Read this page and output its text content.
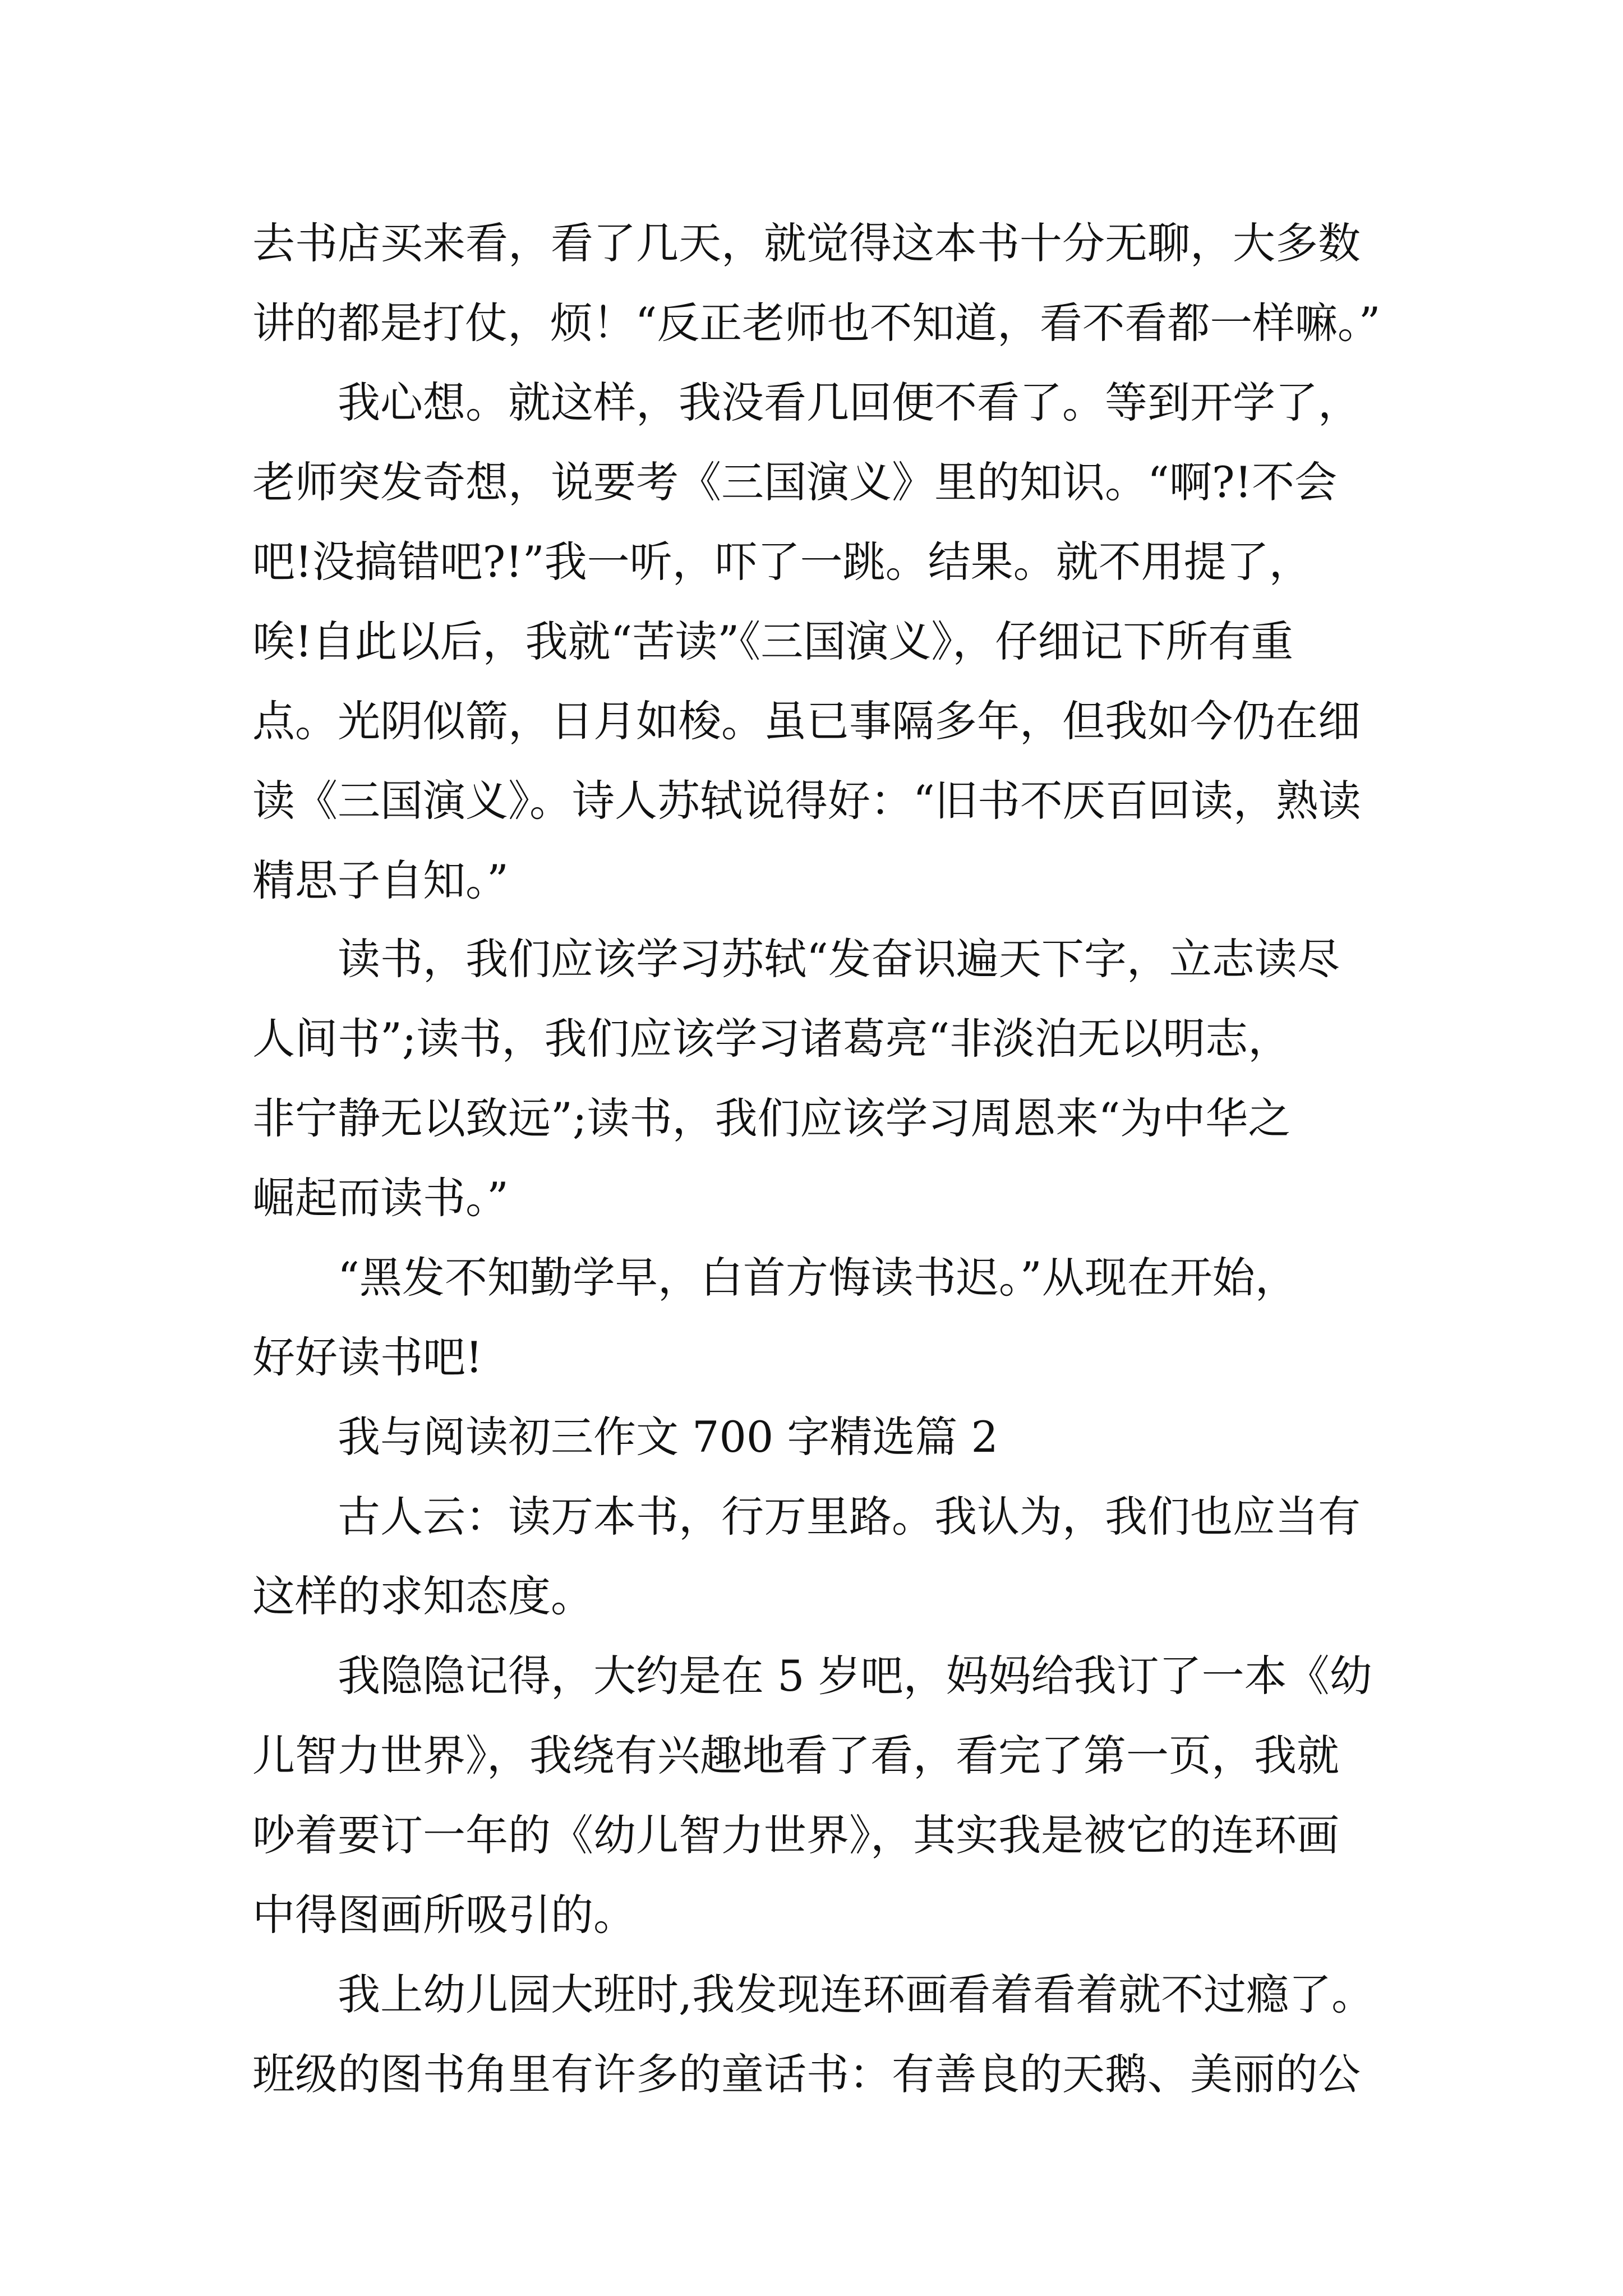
去书店买来看，看了几天，就觉得这本书十分无聊，大多数

讲的都是打仗，烦！“反正老师也不知道，看不看都一样嘛。”

我心想。就这样，我没看几回便不看了。等到开学了，

老师突发奇想，说要考《三国演义》里的知识。“啊?!不会

吧!没搞错吧?!”我一听，吓了一跳。结果。就不用提了，

唉!自此以后，我就“苦读”《三国演义》，仔细记下所有重

点。光阴似箭，日月如梭。虽已事隔多年，但我如今仍在细

读《三国演义》。诗人苏轼说得好：“旧书不厌百回读，熟读

精思子自知。”

读书，我们应该学习苏轼“发奋识遍天下字，立志读尽

人间书”;读书，我们应该学习诸葛亮“非淡泊无以明志，

非宁静无以致远”;读书，我们应该学习周恩来“为中华之

崛起而读书。”

“黑发不知勤学早，白首方悔读书迟。”从现在开始，

好好读书吧!

我与阅读初三作文 700 字精选篇 2

古人云：读万本书，行万里路。我认为，我们也应当有

这样的求知态度。

我隐隐记得，大约是在 5 岁吧，妈妈给我订了一本《幼

儿智力世界》，我绕有兴趣地看了看，看完了第一页，我就

吵着要订一年的《幼儿智力世界》，其实我是被它的连环画

中得图画所吸引的。

我上幼儿园大班时,我发现连环画看着看着就不过瘾了。

班级的图书角里有许多的童话书：有善良的天鹅、美丽的公
